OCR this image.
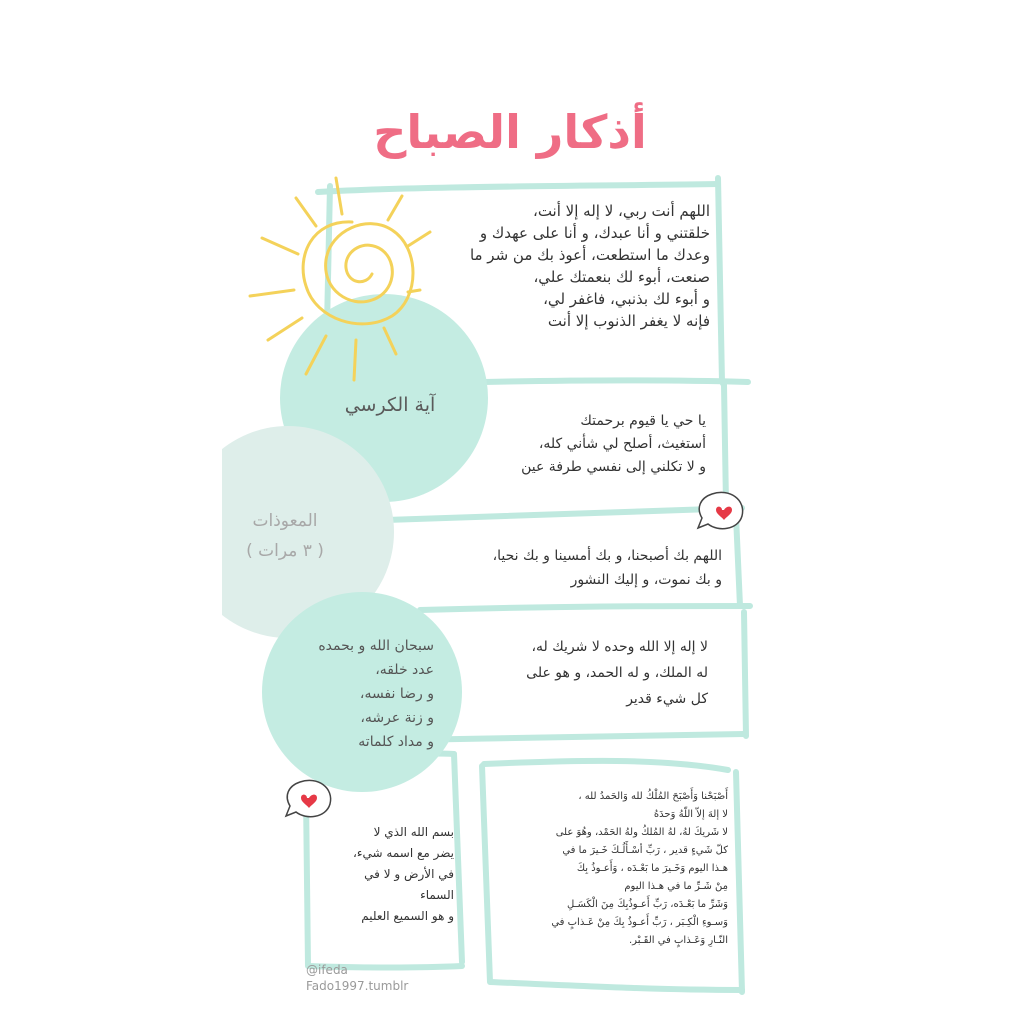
أذكار الصباح
اللهم أنت ربي، لا إله إلا أنت،
خلقتني و أنا عبدك، و أنا على عهدك و
وعدك ما استطعت، أعوذ بك من شر ما
صنعت، أبوء لك بنعمتك علي،
و أبوء لك بذنبي، فاغفر لي،
فإنه لا يغفر الذنوب إلا أنت
آية الكرسي
يا حي يا قيوم برحمتك
أستغيث، أصلح لي شأني كله،
و لا تكلني إلى نفسي طرفة عين
المعوذات
( ٣ مرات )	اللهم بك أصبحنا، و بك أمسينا و بك نحيا،
و بك نموت، و إليك النشور
سبحان الله و بحمده
عدد خلقه،
و رضا نفسه،
و زنة عرشه،
و مداد كلماته
لا إله إلا الله وحده لا شريك له،
له الملك، و له الحمد، و هو على
كل شيء قدير
بسم الله الذي لا
يضر مع اسمه شيء،
في الأرض و لا في
السماء
و هو السميع العليم
أَصْبَحْنا وَأَصْبَحَ المُلْكُ لله وَالحَمدُ لله ،
لا إلهَ إلاّ اللّهُ وَحدَهُ
لا شَريكَ لهُ، لهُ المُلكُ ولهُ الحَمْد، وهُوَ على
كلّ شَيءٍ قدير ، رَبِّ أسْـأَلُـكَ خَـيرَ ما في
هـذا اليوم وَخَـيرَ ما بَعْـدَه ، وَأَعـوذُ بِكَ
مِنْ شَـرِّ ما في هـذا اليوم
وَشَرِّ ما بَعْـدَه، رَبِّ أَعـوذُبِكَ مِنَ الْكَسَـلِ
وَسـوءِ الْكِـبَر ، رَبِّ أَعـوذُ بِكَ مِنْ عَـذابٍ في
النّـارِ وَعَـذابٍ في القَـبْر.
@ifeda
Fado1997.tumblr
